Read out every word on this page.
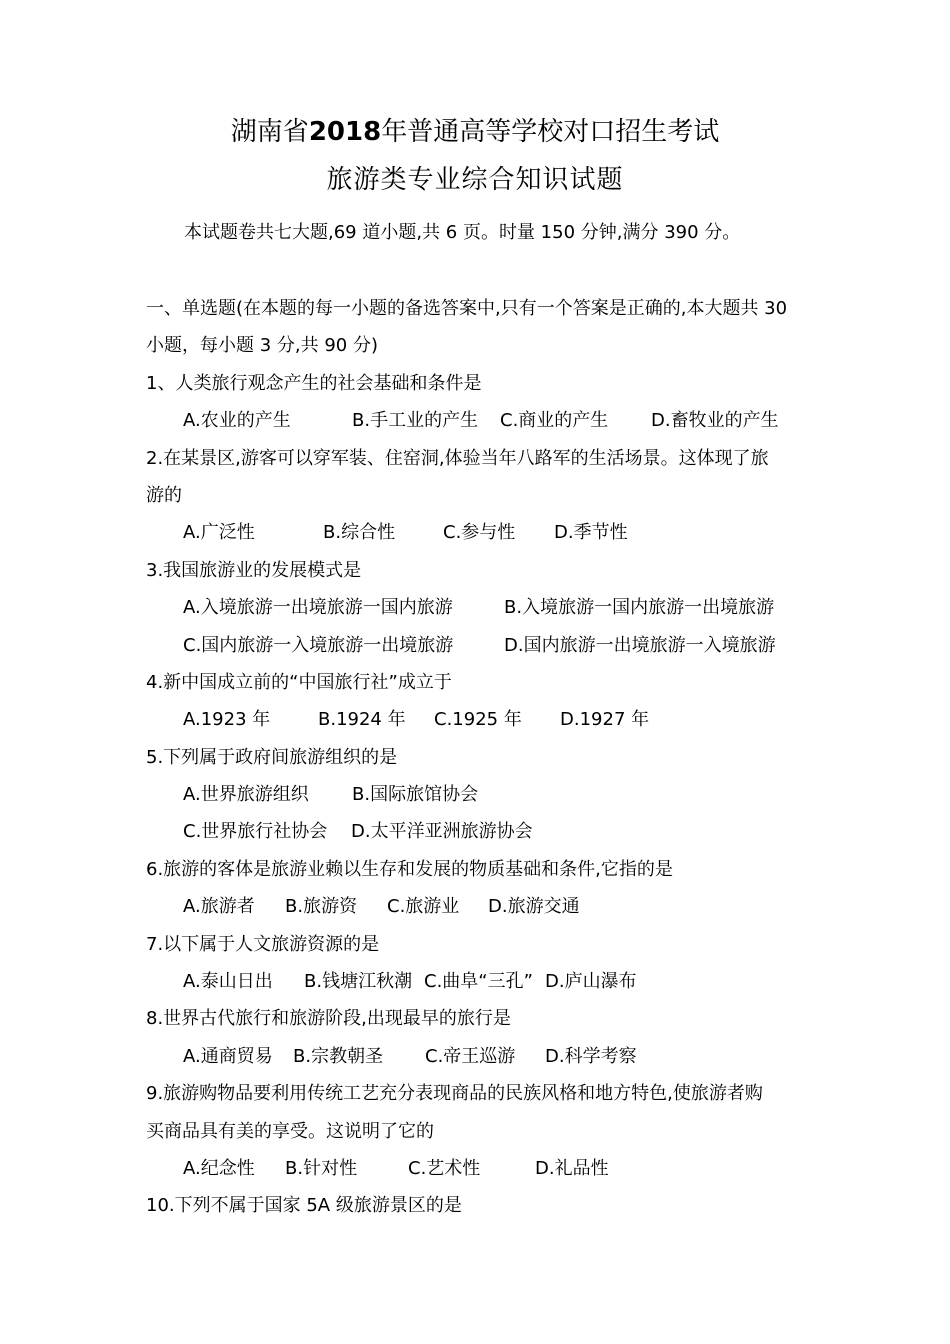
湖南省2018年普通高等学校对口招生考试
旅游类专业综合知识试题
本试题卷共七大题,69 道小题,共 6 页。时量 150 分钟,满分 390 分。
一、单选题(在本题的每一小题的备选答案中,只有一个答案是正确的,本大题共 30
小题，每小题 3 分,共 90 分)
1、人类旅行观念产生的社会基础和条件是
A.农业的产生	B.手工业的产生 C.商业的产生 D.畜牧业的产生
2.在某景区,游客可以穿军装、住窑洞,体验当年八路军的生活场景。这体现了旅
游的
A.广泛性	B.综合性	C.参与性 D.季节性
3.我国旅游业的发展模式是
A.入境旅游一出境旅游一国内旅游	B.入境旅游一国内旅游一出境旅游
C.国内旅游一入境旅游一出境旅游	D.国内旅游一出境旅游一入境旅游
4.新中国成立前的“中国旅行社”成立于
A.1923 年	B.1924 年 C.1925 年 D.1927 年
5.下列属于政府间旅游组织的是
A.世界旅游组织 B.国际旅馆协会
C.世界旅行社协会 D.太平洋亚洲旅游协会
6.旅游的客体是旅游业赖以生存和发展的物质基础和条件,它指的是
A.旅游者 B.旅游资 C.旅游业 D.旅游交通
7.以下属于人文旅游资源的是
A.泰山日出 B.钱塘江秋潮 C.曲阜“三孔” D.庐山瀑布
8.世界古代旅行和旅游阶段,出现最早的旅行是
A.通商贸易 B.宗教朝圣 C.帝王巡游 D.科学考察
9.旅游购物品要利用传统工艺充分表现商品的民族风格和地方特色,使旅游者购
买商品具有美的享受。这说明了它的
A.纪念性 B.针对性	C.艺术性	D.礼品性
10.下列不属于国家 5A 级旅游景区的是
